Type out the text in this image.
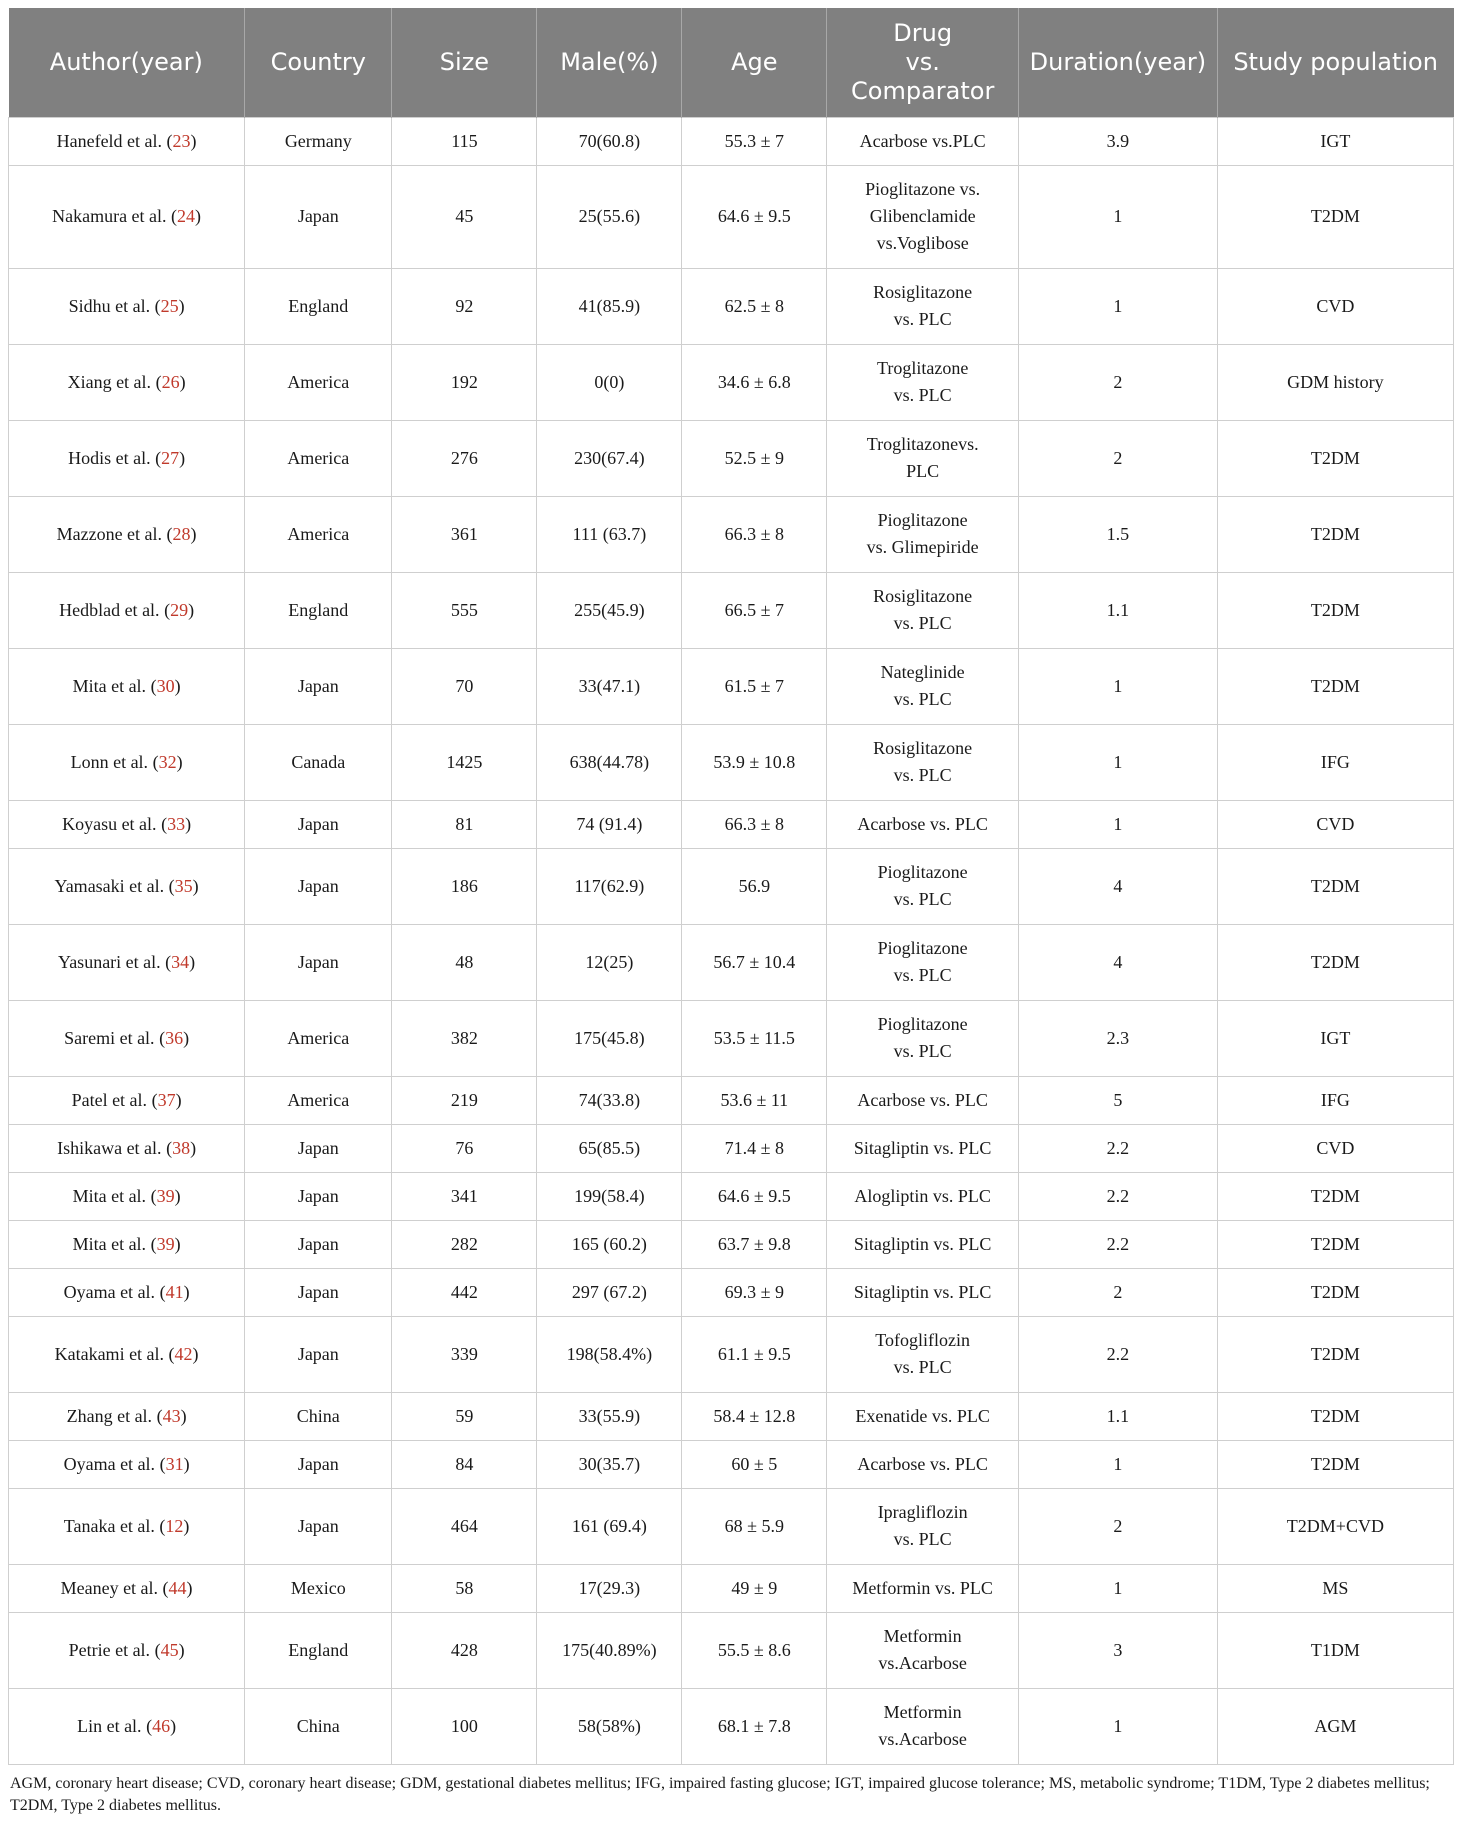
Author(year)	Country	Size	Male(%)	Age	Drug
vs.
Comparator	Duration(year)	Study population
Hanefeld et al. (23)	Germany	115	70(60.8)	55.3 ± 7	Acarbose vs.PLC	3.9	IGT
Nakamura et al. (24)	Japan	45	25(55.6)	64.6 ± 9.5	Pioglitazone vs.
Glibenclamide
vs.Voglibose	1	T2DM
Sidhu et al. (25)	England	92	41(85.9)	62.5 ± 8	Rosiglitazone
vs. PLC	1	CVD
Xiang et al. (26)	America	192	0(0)	34.6 ± 6.8	Troglitazone
vs. PLC	2	GDM history
Hodis et al. (27)	America	276	230(67.4)	52.5 ± 9	Troglitazonevs.
PLC	2	T2DM
Mazzone et al. (28)	America	361	111 (63.7)	66.3 ± 8	Pioglitazone
vs. Glimepiride	1.5	T2DM
Hedblad et al. (29)	England	555	255(45.9)	66.5 ± 7	Rosiglitazone
vs. PLC	1.1	T2DM
Mita et al. (30)	Japan	70	33(47.1)	61.5 ± 7	Nateglinide
vs. PLC	1	T2DM
Lonn et al. (32)	Canada	1425	638(44.78)	53.9 ± 10.8	Rosiglitazone
vs. PLC	1	IFG
Koyasu et al. (33)	Japan	81	74 (91.4)	66.3 ± 8	Acarbose vs. PLC	1	CVD
Yamasaki et al. (35)	Japan	186	117(62.9)	56.9	Pioglitazone
vs. PLC	4	T2DM
Yasunari et al. (34)	Japan	48	12(25)	56.7 ± 10.4	Pioglitazone
vs. PLC	4	T2DM
Saremi et al. (36)	America	382	175(45.8)	53.5 ± 11.5	Pioglitazone
vs. PLC	2.3	IGT
Patel et al. (37)	America	219	74(33.8)	53.6 ± 11	Acarbose vs. PLC	5	IFG
Ishikawa et al. (38)	Japan	76	65(85.5)	71.4 ± 8	Sitagliptin vs. PLC	2.2	CVD
Mita et al. (39)	Japan	341	199(58.4)	64.6 ± 9.5	Alogliptin vs. PLC	2.2	T2DM
Mita et al. (39)	Japan	282	165 (60.2)	63.7 ± 9.8	Sitagliptin vs. PLC	2.2	T2DM
Oyama et al. (41)	Japan	442	297 (67.2)	69.3 ± 9	Sitagliptin vs. PLC	2	T2DM
Katakami et al. (42)	Japan	339	198(58.4%)	61.1 ± 9.5	Tofogliflozin
vs. PLC	2.2	T2DM
Zhang et al. (43)	China	59	33(55.9)	58.4 ± 12.8	Exenatide vs. PLC	1.1	T2DM
Oyama et al. (31)	Japan	84	30(35.7)	60 ± 5	Acarbose vs. PLC	1	T2DM
Tanaka et al. (12)	Japan	464	161 (69.4)	68 ± 5.9	Ipragliflozin
vs. PLC	2	T2DM+CVD
Meaney et al. (44)	Mexico	58	17(29.3)	49 ± 9	Metformin vs. PLC	1	MS
Petrie et al. (45)	England	428	175(40.89%)	55.5 ± 8.6	Metformin
vs.Acarbose	3	T1DM
Lin et al. (46)	China	100	58(58%)	68.1 ± 7.8	Metformin
vs.Acarbose	1	AGM
AGM, coronary heart disease; CVD, coronary heart disease; GDM, gestational diabetes mellitus; IFG, impaired fasting glucose; IGT, impaired glucose tolerance; MS, metabolic syndrome; T1DM, Type 2 diabetes mellitus; T2DM, Type 2 diabetes mellitus.
